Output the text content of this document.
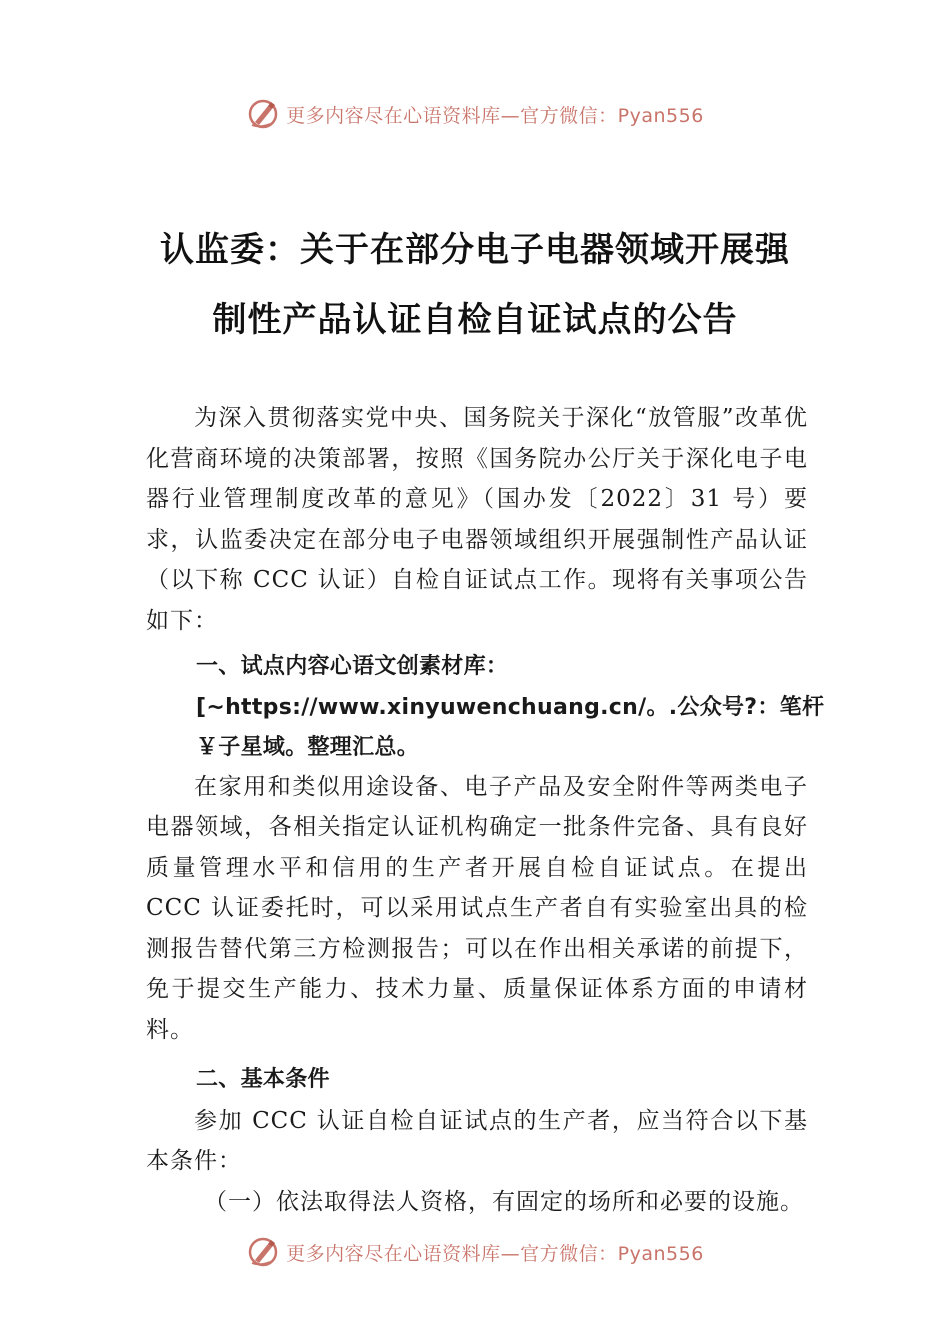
更多内容尽在心语资料库—官方微信：Pyan556
认监委：关于在部分电子电器领域开展强
制性产品认证自检自证试点的公告

为深入贯彻落实党中央、国务院关于深化“放管服”改革优化营商环境的决策部署，按照《国务院办公厅关于深化电子电器行业管理制度改革的意见》（国办发〔2022〕31 号）要求，认监委决定在部分电子电器领域组织开展强制性产品认证（以下称 CCC 认证）自检自证试点工作。现将有关事项公告如下：

一、试点内容心语文创素材库：[~https://www.xinyuwenchuang.cn/。.公众号?：笔杆￥子星域。整理汇总。

在家用和类似用途设备、电子产品及安全附件等两类电子电器领域，各相关指定认证机构确定一批条件完备、具有良好质量管理水平和信用的生产者开展自检自证试点。在提出 CCC 认证委托时，可以采用试点生产者自有实验室出具的检测报告替代第三方检测报告；可以在作出相关承诺的前提下，免于提交生产能力、技术力量、质量保证体系方面的申请材料。

二、基本条件

参加 CCC 认证自检自证试点的生产者，应当符合以下基本条件：

（一）依法取得法人资格，有固定的场所和必要的设施。

更多内容尽在心语资料库—官方微信：Pyan556
